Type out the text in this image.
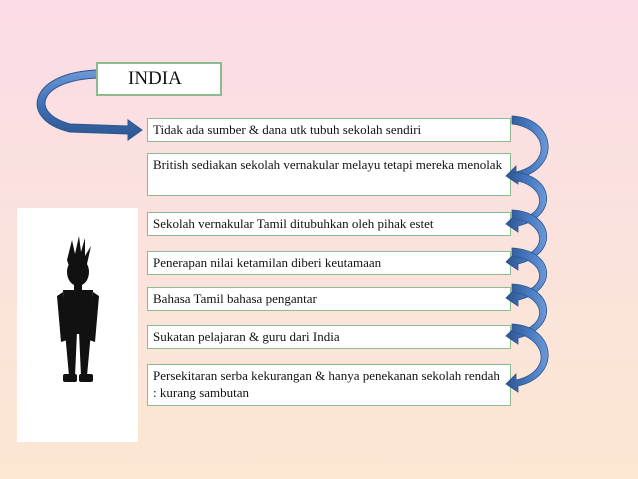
INDIA
Tidak ada sumber & dana utk tubuh sekolah sendiri
British sediakan sekolah vernakular melayu tetapi mereka menolak
Sekolah vernakular Tamil ditubuhkan oleh pihak estet
Penerapan nilai ketamilan diberi keutamaan
Bahasa Tamil bahasa pengantar
Sukatan pelajaran & guru dari India
Persekitaran serba kekurangan & hanya penekanan sekolah rendah : kurang sambutan
